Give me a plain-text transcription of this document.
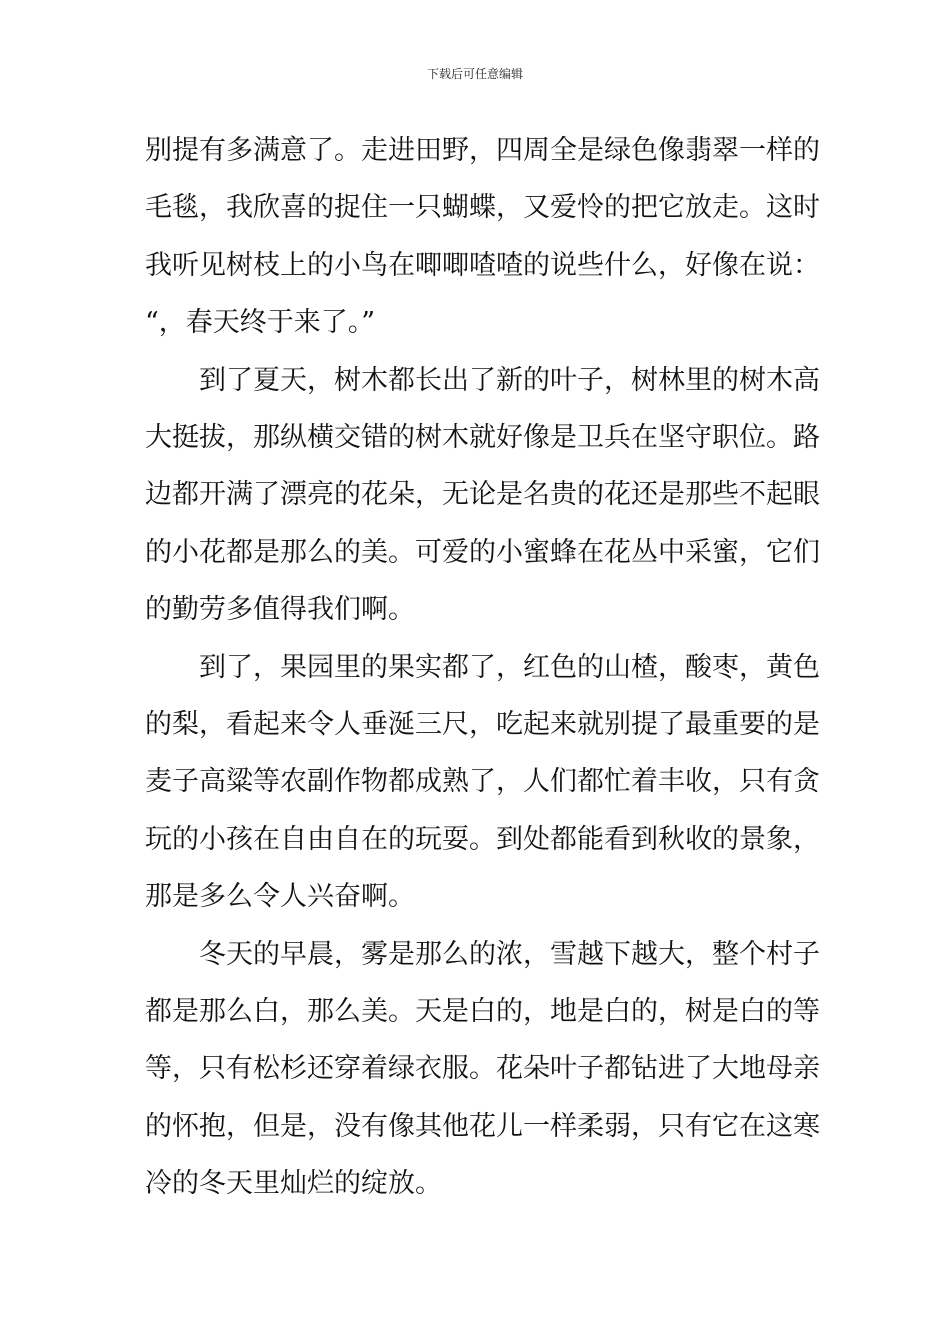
下载后可任意编辑
别 提 有 多 满 意 了 。 走 进 田 野 ， 四 周 全 是 绿 色 像 翡 翠 一 样 的
毛 毯 ， 我 欣 喜 的 捉 住 一 只 蝴 蝶 ， 又 爱 怜 的 把 它 放 走 。 这 时
我 听 见 树 枝 上 的 小 鸟 在 唧 唧 喳 喳 的 说 些 什 么 ， 好 像 在 说 ：
“，春天终于来了。”
到 了 夏 天 ， 树 木 都 长 出 了 新 的 叶 子 ， 树 林 里 的 树 木 高
大 挺 拔 ， 那 纵 横 交 错 的 树 木 就 好 像 是 卫 兵 在 坚 守 职 位 。 路
边 都 开 满 了 漂 亮 的 花 朵 ， 无 论 是 名 贵 的 花 还 是 那 些 不 起 眼
的 小 花 都 是 那 么 的 美 。 可 爱 的 小 蜜 蜂 在 花 丛 中 采 蜜 ， 它 们
的勤劳多值得我们啊。
到 了 ， 果 园 里 的 果 实 都 了 ， 红 色 的 山 楂 ， 酸 枣 ， 黄 色
的 梨 ， 看 起 来 令 人 垂 涎 三 尺 ， 吃 起 来 就 别 提 了 最 重 要 的 是
麦 子 高 粱 等 农 副 作 物 都 成 熟 了 ， 人 们 都 忙 着 丰 收 ， 只 有 贪
玩 的 小 孩 在 自 由 自 在 的 玩 耍 。 到 处 都 能 看 到 秋 收 的 景 象 ，
那是多么令人兴奋啊。
冬 天 的 早 晨 ， 雾 是 那 么 的 浓 ， 雪 越 下 越 大 ， 整 个 村 子
都 是 那 么 白 ， 那 么 美 。 天 是 白 的 ， 地 是 白 的 ， 树 是 白 的 等
等 ， 只 有 松 杉 还 穿 着 绿 衣 服 。 花 朵 叶 子 都 钻 进 了 大 地 母 亲
的 怀 抱 ， 但 是 ， 没 有 像 其 他 花 儿 一 样 柔 弱 ， 只 有 它 在 这 寒
冷的冬天里灿烂的绽放。
